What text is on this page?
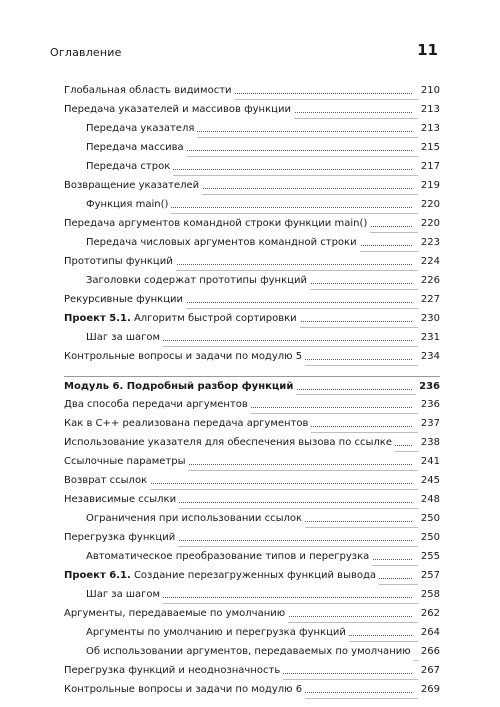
Оглавление	11
Глобальная область видимости	210
Передача указателей и массивов функции	213
Передача указателя	213
Передача массива	215
Передача строк	217
Возвращение указателей	219
Функция main()	220
Передача аргументов командной строки функции main()	220
Передача числовых аргументов командной строки	223
Прототипы функций	224
Заголовки содержат прототипы функций	226
Рекурсивные функции	227
Проект 5.1. Алгоритм быстрой сортировки	230
Шаг за шагом	231
Контрольные вопросы и задачи по модулю 5	234
Модуль 6. Подробный разбор функций	236
Два способа передачи аргументов	236
Как в C++ реализована передача аргументов	237
Использование указателя для обеспечения вызова по ссылке	238
Ссылочные параметры	241
Возврат ссылок	245
Независимые ссылки	248
Ограничения при использовании ссылок	250
Перегрузка функций	250
Автоматическое преобразование типов и перегрузка	255
Проект 6.1. Создание перезагруженных функций вывода	257
Шаг за шагом	258
Аргументы, передаваемые по умолчанию	262
Аргументы по умолчанию и перегрузка функций	264
Об использовании аргументов, передаваемых по умолчанию	266
Перегрузка функций и неоднозначность	267
Контрольные вопросы и задачи по модулю 6	269
